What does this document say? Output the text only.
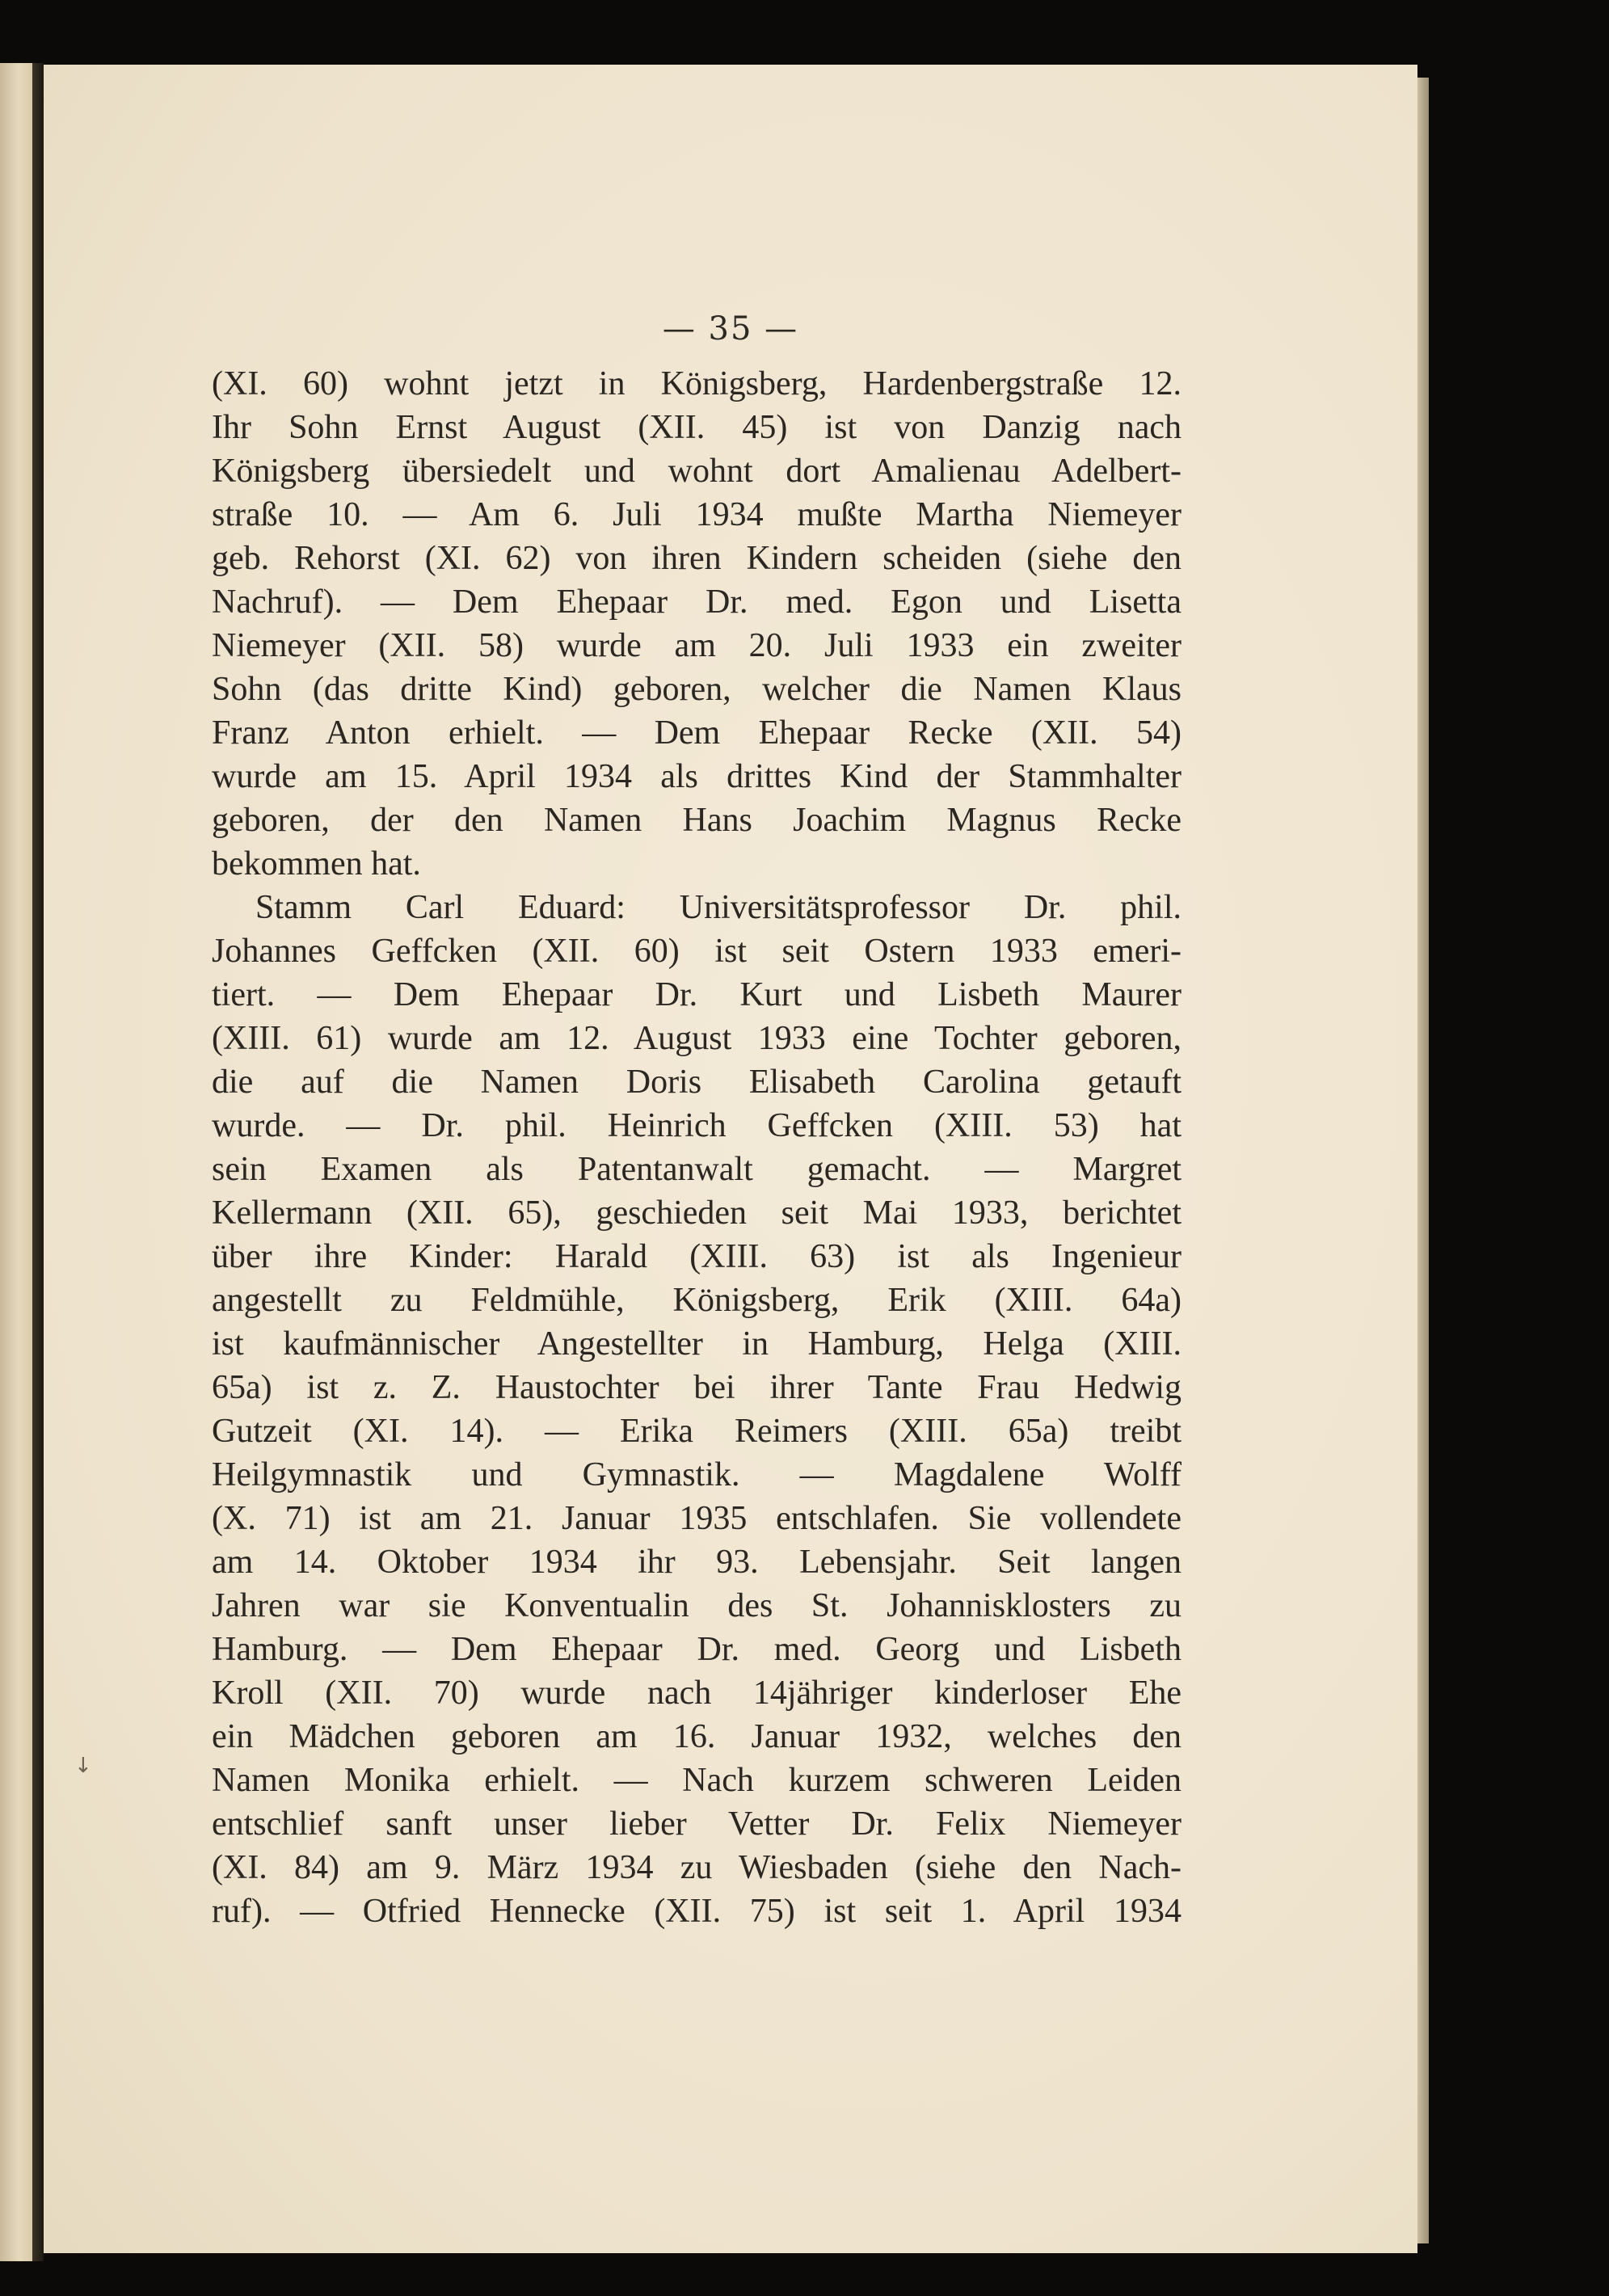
— 35 —
(XI. 60) wohnt jetzt in Königsberg, Hardenbergstraße 12.
Ihr Sohn Ernst August (XII. 45) ist von Danzig nach
Königsberg übersiedelt und wohnt dort Amalienau Adelbert-
straße 10. — Am 6. Juli 1934 mußte Martha Niemeyer
geb. Rehorst (XI. 62) von ihren Kindern scheiden (siehe den
Nachruf). — Dem Ehepaar Dr. med. Egon und Lisetta
Niemeyer (XII. 58) wurde am 20. Juli 1933 ein zweiter
Sohn (das dritte Kind) geboren, welcher die Namen Klaus
Franz Anton erhielt. — Dem Ehepaar Recke (XII. 54)
wurde am 15. April 1934 als drittes Kind der Stammhalter
geboren, der den Namen Hans Joachim Magnus Recke
bekommen hat.
Stamm Carl Eduard: Universitätsprofessor Dr. phil.
Johannes Geffcken (XII. 60) ist seit Ostern 1933 emeri-
tiert. — Dem Ehepaar Dr. Kurt und Lisbeth Maurer
(XIII. 61) wurde am 12. August 1933 eine Tochter geboren,
die auf die Namen Doris Elisabeth Carolina getauft
wurde. — Dr. phil. Heinrich Geffcken (XIII. 53) hat
sein Examen als Patentanwalt gemacht. — Margret
Kellermann (XII. 65), geschieden seit Mai 1933, berichtet
über ihre Kinder: Harald (XIII. 63) ist als Ingenieur
angestellt zu Feldmühle, Königsberg, Erik (XIII. 64a)
ist kaufmännischer Angestellter in Hamburg, Helga (XIII.
65a) ist z. Z. Haustochter bei ihrer Tante Frau Hedwig
Gutzeit (XI. 14). — Erika Reimers (XIII. 65a) treibt
Heilgymnastik und Gymnastik. — Magdalene Wolff
(X. 71) ist am 21. Januar 1935 entschlafen. Sie vollendete
am 14. Oktober 1934 ihr 93. Lebensjahr. Seit langen
Jahren war sie Konventualin des St. Johannisklosters zu
Hamburg. — Dem Ehepaar Dr. med. Georg und Lisbeth
Kroll (XII. 70) wurde nach 14jähriger kinderloser Ehe
ein Mädchen geboren am 16. Januar 1932, welches den
Namen Monika erhielt. — Nach kurzem schweren Leiden
entschlief sanft unser lieber Vetter Dr. Felix Niemeyer
(XI. 84) am 9. März 1934 zu Wiesbaden (siehe den Nach-
ruf). — Otfried Hennecke (XII. 75) ist seit 1. April 1934
↓
